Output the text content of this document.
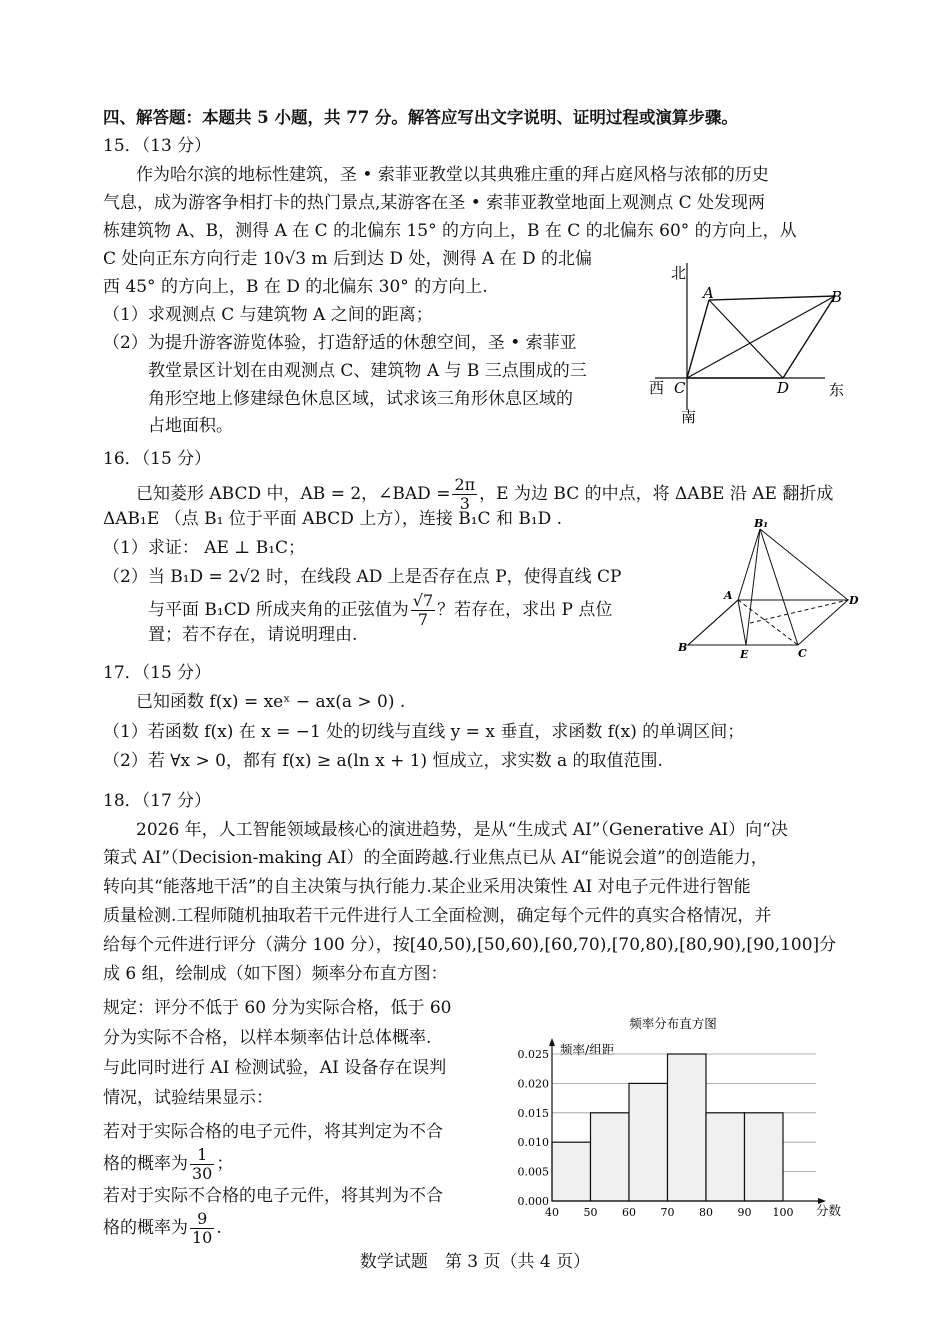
四、解答题：本题共 5 小题，共 77 分。解答应写出文字说明、证明过程或演算步骤。
15．（13 分）
作为哈尔滨的地标性建筑，圣 • 索菲亚教堂以其典雅庄重的拜占庭风格与浓郁的历史
气息，成为游客争相打卡的热门景点,某游客在圣 • 索菲亚教堂地面上观测点 C 处发现两
栋建筑物 A、B，测得 A 在 C 的北偏东 15° 的方向上，B 在 C 的北偏东 60° 的方向上，从
C 处向正东方向行走 10√3 m 后到达 D 处，测得 A 在 D 的北偏
西 45° 的方向上，B 在 D 的北偏东 30° 的方向上.
（1）求观测点 C 与建筑物 A 之间的距离；
（2）为提升游客游览体验，打造舒适的休憩空间，圣 • 索菲亚
教堂景区计划在由观测点 C、建筑物 A 与 B 三点围成的三
角形空地上修建绿色休息区域，试求该三角形休息区域的
占地面积。
北
南
西	东
A	B
C	D
16．（15 分）
已知菱形 ABCD 中，AB = 2，∠BAD = $\frac{2\pi}{3}$ ，E 为边 BC 的中点，将 ΔABE 沿 AE 翻折成
ΔAB₁E （点 B₁ 位于平面 ABCD 上方），连接 B₁C 和 B₁D .
（1）求证： AE ⊥ B₁C；
（2）当 B₁D = 2√2 时，在线段 AD 上是否存在点 P，使得直线 CP
与平面 B₁CD 所成夹角的正弦值为 $\frac{√7}{7}$ ？若存在，求出 P 点位
置；若不存在，请说明理由.
B₁
A
B
E	C
D
17．（15 分）
已知函数 f(x) = xeˣ − ax(a > 0) .
（1）若函数 f(x) 在 x = −1 处的切线与直线 y = x 垂直，求函数 f(x) 的单调区间；
（2）若 ∀x > 0，都有 f(x) ≥ a(ln x + 1) 恒成立，求实数 a 的取值范围.
18．（17 分）
2026 年，人工智能领域最核心的演进趋势，是从“生成式 AI”（Generative AI）向“决
策式 AI”（Decision-making AI）的全面跨越.行业焦点已从 AI“能说会道”的创造能力，
转向其“能落地干活”的自主决策与执行能力.某企业采用决策性 AI 对电子元件进行智能
质量检测.工程师随机抽取若干元件进行人工全面检测，确定每个元件的真实合格情况，并
给每个元件进行评分（满分 100 分），按[40,50),[50,60),[60,70),[70,80),[80,90),[90,100]分
成 6 组，绘制成（如下图）频率分布直方图：
规定：评分不低于 60 分为实际合格，低于 60
分为实际不合格，以样本频率估计总体概率.
与此同时进行 AI 检测试验，AI 设备存在误判
情况，试验结果显示：
若对于实际合格的电子元件，将其判定为不合
格的概率为 $\frac{1}{30}$ ；
若对于实际不合格的电子元件，将其判为不合
格的概率为 $\frac{9}{10}$ .
频率分布直方图
频率/组距
分数
0.000
0.005
0.010
0.015
0.020
0.025
40 50 60 70 80 90 100
数学试题　第 3 页（共 4 页）
